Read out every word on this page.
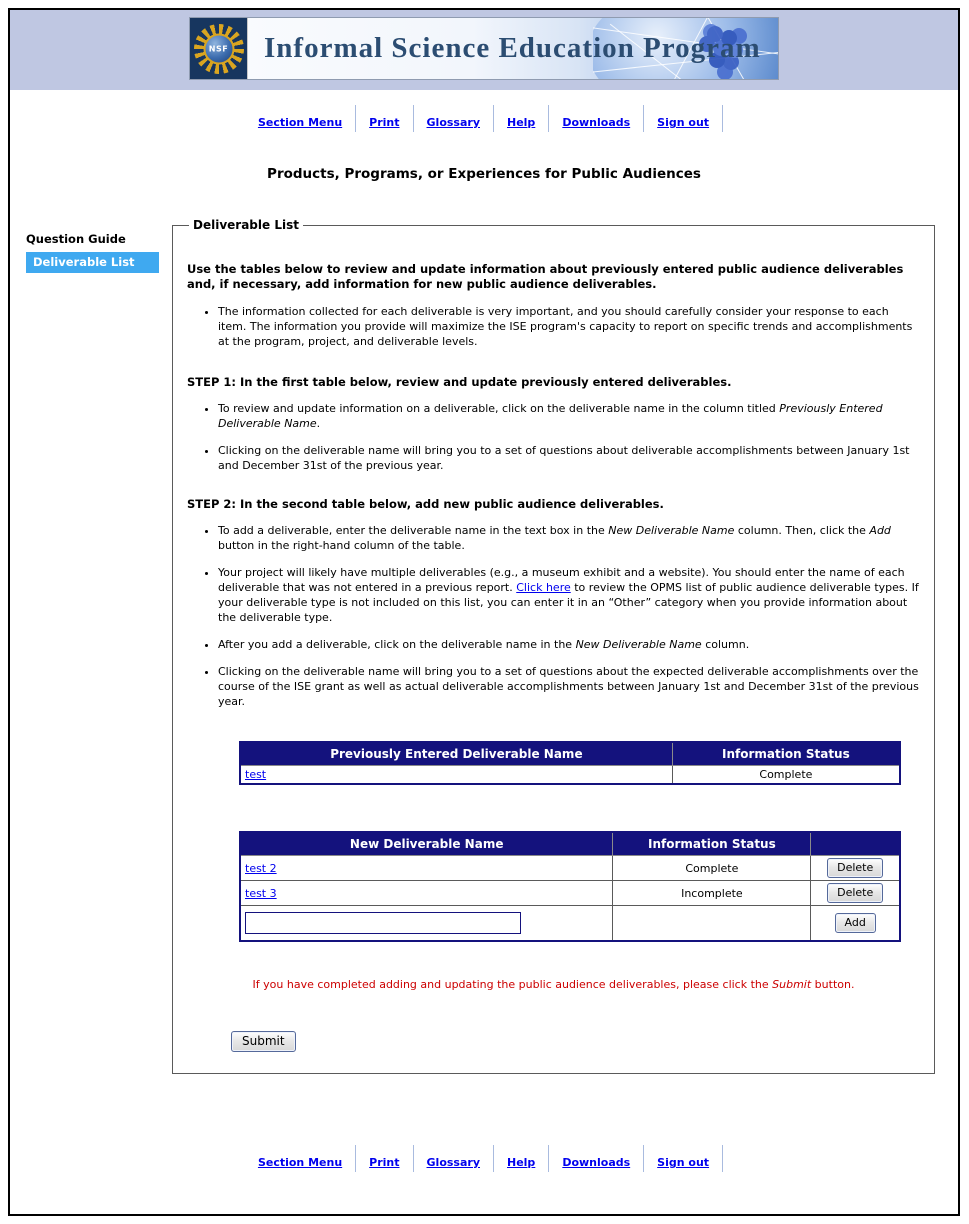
NSF	Informal Science Education Program
Section Menu	Print	Glossary	Help	Downloads	Sign out
Products, Programs, or Experiences for Public Audiences
Question Guide
Deliverable List
Deliverable List

Use the tables below to review and update information about previously entered public audience deliverables and, if necessary, add information for new public audience deliverables.

• The information collected for each deliverable is very important, and you should carefully consider your response to each item. The information you provide will maximize the ISE program's capacity to report on specific trends and accomplishments at the program, project, and deliverable levels.

STEP 1: In the first table below, review and update previously entered deliverables.

• To review and update information on a deliverable, click on the deliverable name in the column titled Previously Entered Deliverable Name.
• Clicking on the deliverable name will bring you to a set of questions about deliverable accomplishments between January 1st and December 31st of the previous year.

STEP 2: In the second table below, add new public audience deliverables.

• To add a deliverable, enter the deliverable name in the text box in the New Deliverable Name column. Then, click the Add button in the right-hand column of the table.
• Your project will likely have multiple deliverables (e.g., a museum exhibit and a website). You should enter the name of each deliverable that was not entered in a previous report. Click here to review the OPMS list of public audience deliverable types. If your deliverable type is not included on this list, you can enter it in an “Other” category when you provide information about the deliverable type.
• After you add a deliverable, click on the deliverable name in the New Deliverable Name column.
• Clicking on the deliverable name will bring you to a set of questions about the expected deliverable accomplishments over the course of the ISE grant as well as actual deliverable accomplishments between January 1st and December 31st of the previous year.
Previously Entered Deliverable Name	Information Status
test	Complete
New Deliverable Name	Information Status	
test 2	Complete	Delete
test 3	Incomplete	Delete
		Add

If you have completed adding and updating the public audience deliverables, please click the Submit button.

Submit
Section Menu	Print	Glossary	Help	Downloads	Sign out
